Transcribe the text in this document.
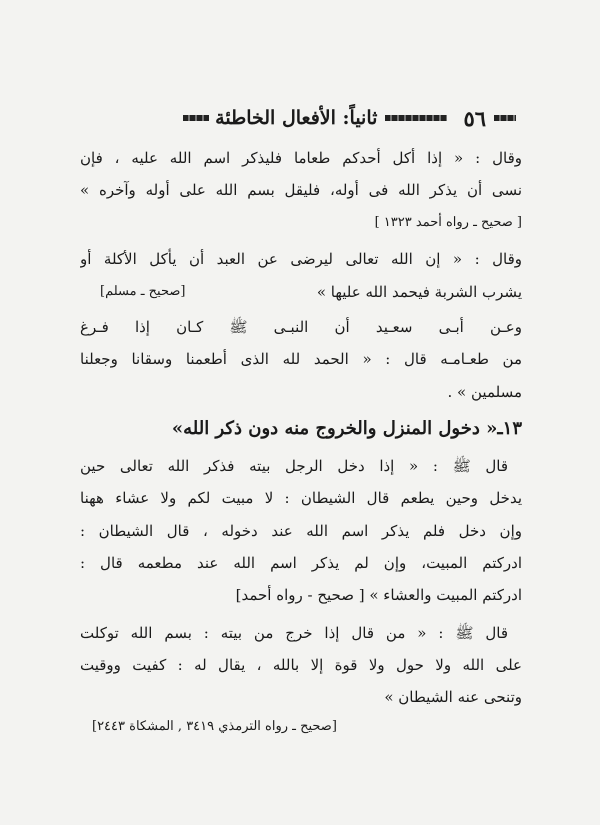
٥٦
ثانياً: الأفعال الخاطئة
وقال : « إذا أكل أحدكم طعاما فليذكر اسم الله عليه ، فإن
نسى أن يذكر الله فى أوله، فليقل بسم الله على أوله وآخره »
[ صحيح ـ رواه أحمد ١٣٢٣ ]
وقال : « إن الله تعالى ليرضى عن العبد أن يأكل الأكلة أو
يشرب الشربة فيحمد الله عليها »
[صحيح ـ مسلم]
وعـن أبـى سعـيد أن النبـى ﷺ كـان إذا فـرغ
من طعـامـه قال : « الحمد لله الذى أطعمنا وسقانا وجعلنا
مسلمين » .
١٣ـ« دخول المنزل والخروج منه دون ذكر الله»
قال ﷺ : « إذا دخل الرجل بيته فذكر الله تعالى حين
يدخل وحين يطعم قال الشيطان : لا مبيت لكم ولا عشاء ههنا
وإن دخل فلم يذكر اسم الله عند دخوله ، قال الشيطان :
ادركتم المبيت، وإن لم يذكر اسم الله عند مطعمه قال :
ادركتم المبيت والعشاء » [ صحيح - رواه أحمد]
قال ﷺ : « من قال إذا خرج من بيته : بسم الله توكلت
على الله ولا حول ولا قوة إلا بالله ، يقال له : كفيت ووقيت
وتنحى عنه الشيطان »
[صحيح ـ رواه الترمذي ٣٤١٩ , المشكاة ٢٤٤٣]
